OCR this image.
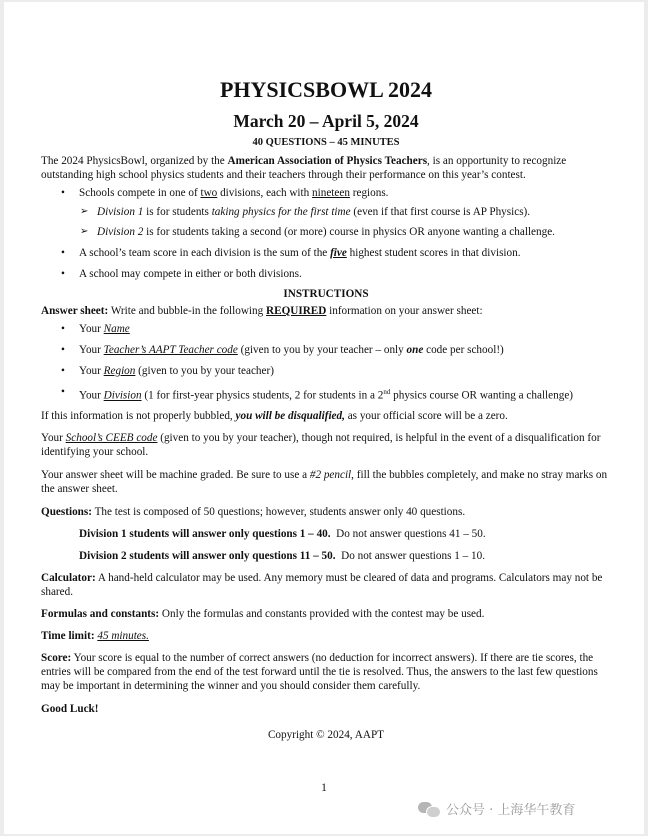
PHYSICSBOWL 2024

March 20 – April 5, 2024

40 QUESTIONS – 45 MINUTES

The 2024 PhysicsBowl, organized by the American Association of Physics Teachers, is an opportunity to recognize outstanding high school physics students and their teachers through their performance on this year’s contest.

• Schools compete in one of two divisions, each with nineteen regions.
➢ Division 1 is for students taking physics for the first time (even if that first course is AP Physics).
➢ Division 2 is for students taking a second (or more) course in physics OR anyone wanting a challenge.
• A school’s team score in each division is the sum of the five highest student scores in that division.
• A school may compete in either or both divisions.

INSTRUCTIONS

Answer sheet: Write and bubble-in the following REQUIRED information on your answer sheet:

• Your Name
• Your Teacher’s AAPT Teacher code (given to you by your teacher – only one code per school!)
• Your Region (given to you by your teacher)
• Your Division (1 for first-year physics students, 2 for students in a 2nd physics course OR wanting a challenge)

If this information is not properly bubbled, you will be disqualified, as your official score will be a zero.

Your School’s CEEB code (given to you by your teacher), though not required, is helpful in the event of a disqualification for identifying your school.

Your answer sheet will be machine graded. Be sure to use a #2 pencil, fill the bubbles completely, and make no stray marks on the answer sheet.

Questions: The test is composed of 50 questions; however, students answer only 40 questions.

Division 1 students will answer only questions 1 – 40.  Do not answer questions 41 – 50.

Division 2 students will answer only questions 11 – 50.  Do not answer questions 1 – 10.

Calculator: A hand-held calculator may be used. Any memory must be cleared of data and programs. Calculators may not be shared.

Formulas and constants: Only the formulas and constants provided with the contest may be used.

Time limit: 45 minutes.

Score: Your score is equal to the number of correct answers (no deduction for incorrect answers). If there are tie scores, the entries will be compared from the end of the test forward until the tie is resolved. Thus, the answers to the last few questions may be important in determining the winner and you should consider them carefully.

Good Luck!

Copyright © 2024, AAPT

1
公众号 · 上海华午教育
